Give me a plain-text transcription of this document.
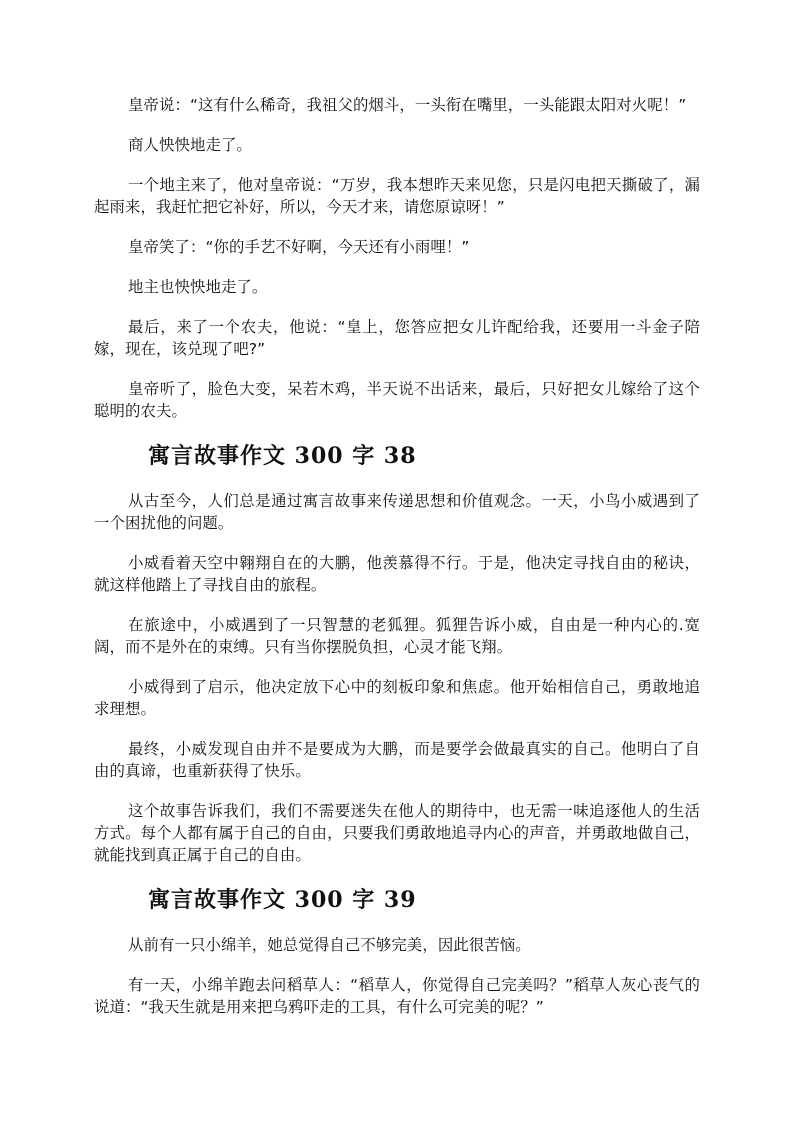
皇帝说：“这有什么稀奇，我祖父的烟斗，一头衔在嘴里，一头能跟太阳对火呢！”

商人怏怏地走了。

一个地主来了，他对皇帝说：“万岁，我本想昨天来见您，只是闪电把天撕破了，漏起雨来，我赶忙把它补好，所以，今天才来，请您原谅呀！”

皇帝笑了：“你的手艺不好啊，今天还有小雨哩！”

地主也怏怏地走了。

最后，来了一个农夫，他说：“皇上，您答应把女儿许配给我，还要用一斗金子陪嫁，现在，该兑现了吧?”

皇帝听了，脸色大变，呆若木鸡，半天说不出话来，最后，只好把女儿嫁给了这个聪明的农夫。

寓言故事作文 300 字 38

从古至今，人们总是通过寓言故事来传递思想和价值观念。一天，小鸟小威遇到了一个困扰他的问题。

小威看着天空中翱翔自在的大鹏，他羡慕得不行。于是，他决定寻找自由的秘诀，就这样他踏上了寻找自由的旅程。

在旅途中，小威遇到了一只智慧的老狐狸。狐狸告诉小威，自由是一种内心的.宽阔，而不是外在的束缚。只有当你摆脱负担，心灵才能飞翔。

小威得到了启示，他决定放下心中的刻板印象和焦虑。他开始相信自己，勇敢地追求理想。

最终，小威发现自由并不是要成为大鹏，而是要学会做最真实的自己。他明白了自由的真谛，也重新获得了快乐。

这个故事告诉我们，我们不需要迷失在他人的期待中，也无需一味追逐他人的生活方式。每个人都有属于自己的自由，只要我们勇敢地追寻内心的声音，并勇敢地做自己，就能找到真正属于自己的自由。

寓言故事作文 300 字 39

从前有一只小绵羊，她总觉得自己不够完美，因此很苦恼。

有一天，小绵羊跑去问稻草人：“稻草人，你觉得自己完美吗？”稻草人灰心丧气的说道：“我天生就是用来把乌鸦吓走的工具，有什么可完美的呢？”
